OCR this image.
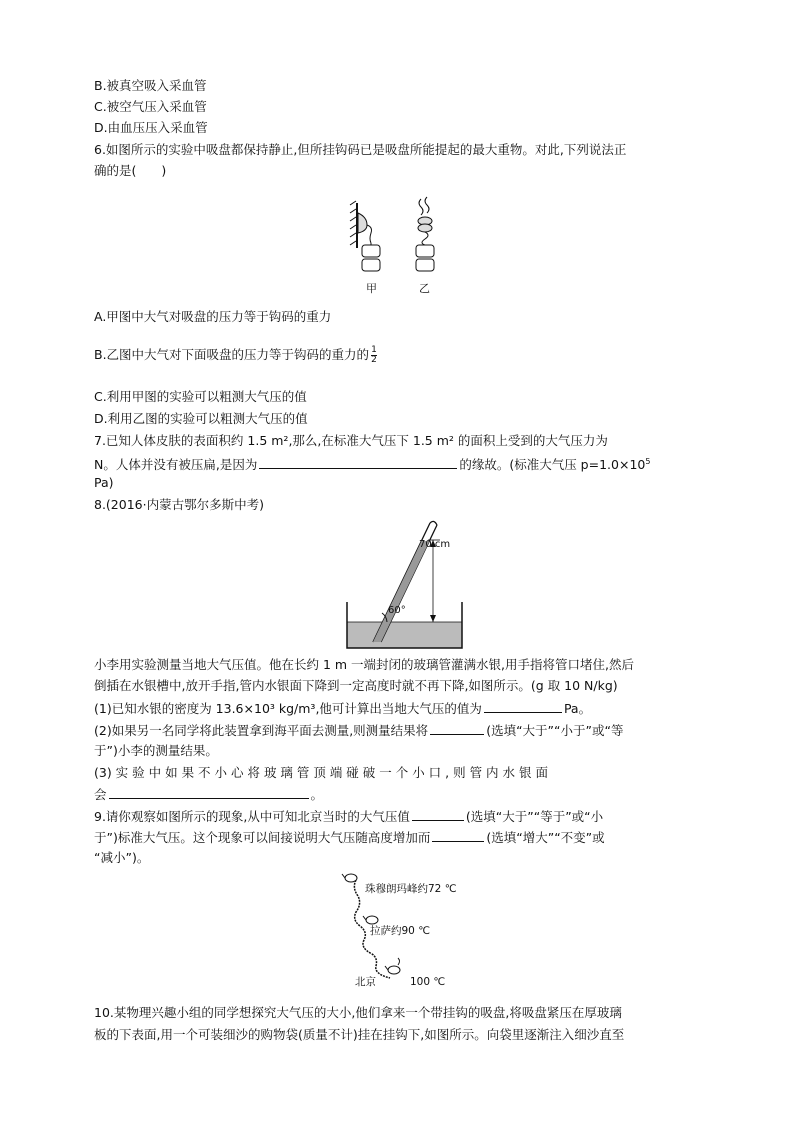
B.被真空吸入采血管
C.被空气压入采血管
D.由血压压入采血管
6.如图所示的实验中吸盘都保持静止,但所挂钩码已是吸盘所能提起的最大重物。对此,下列说法正
确的是(　　)
甲	乙
A.甲图中大气对吸盘的压力等于钩码的重力
B.乙图中大气对下面吸盘的压力等于钩码的重力的 $\frac{1}{2}$
C.利用甲图的实验可以粗测大气压的值
D.利用乙图的实验可以粗测大气压的值
7.已知人体皮肤的表面积约 1.5 m²,那么,在标准大气压下 1.5 m² 的面积上受到的大气压力为
N。人体并没有被压扁,是因为	的缘故。(标准大气压 $p=1.0\times 10^5$
Pa)
8.(2016·内蒙古鄂尔多斯中考)
70 cm
60°
小李用实验测量当地大气压值。他在长约 1 m 一端封闭的玻璃管灌满水银,用手指将管口堵住,然后
倒插在水银槽中,放开手指,管内水银面下降到一定高度时就不再下降,如图所示。(g 取 10 N/kg)
(1)已知水银的密度为 13.6×10³ kg/m³,他可计算出当地大气压的值为	Pa。
(2)如果另一名同学将此装置拿到海平面去测量,则测量结果将	(选填“大于”“小于”或“等
于”)小李的测量结果。
(3) 实 验 中 如 果 不 小 心 将 玻 璃 管 顶 端 碰 破 一 个 小 口 , 则 管 内 水 银 面
会	。
9.请你观察如图所示的现象,从中可知北京当时的大气压值	(选填“大于”“等于”或“小
于”)标准大气压。这个现象可以间接说明大气压随高度增加而	(选填“增大”“不变”或
“减小”)。
珠穆朗玛峰约72 ℃
拉萨约90 ℃
北京	100 ℃
10.某物理兴趣小组的同学想探究大气压的大小,他们拿来一个带挂钩的吸盘,将吸盘紧压在厚玻璃
板的下表面,用一个可装细沙的购物袋(质量不计)挂在挂钩下,如图所示。向袋里逐渐注入细沙直至
